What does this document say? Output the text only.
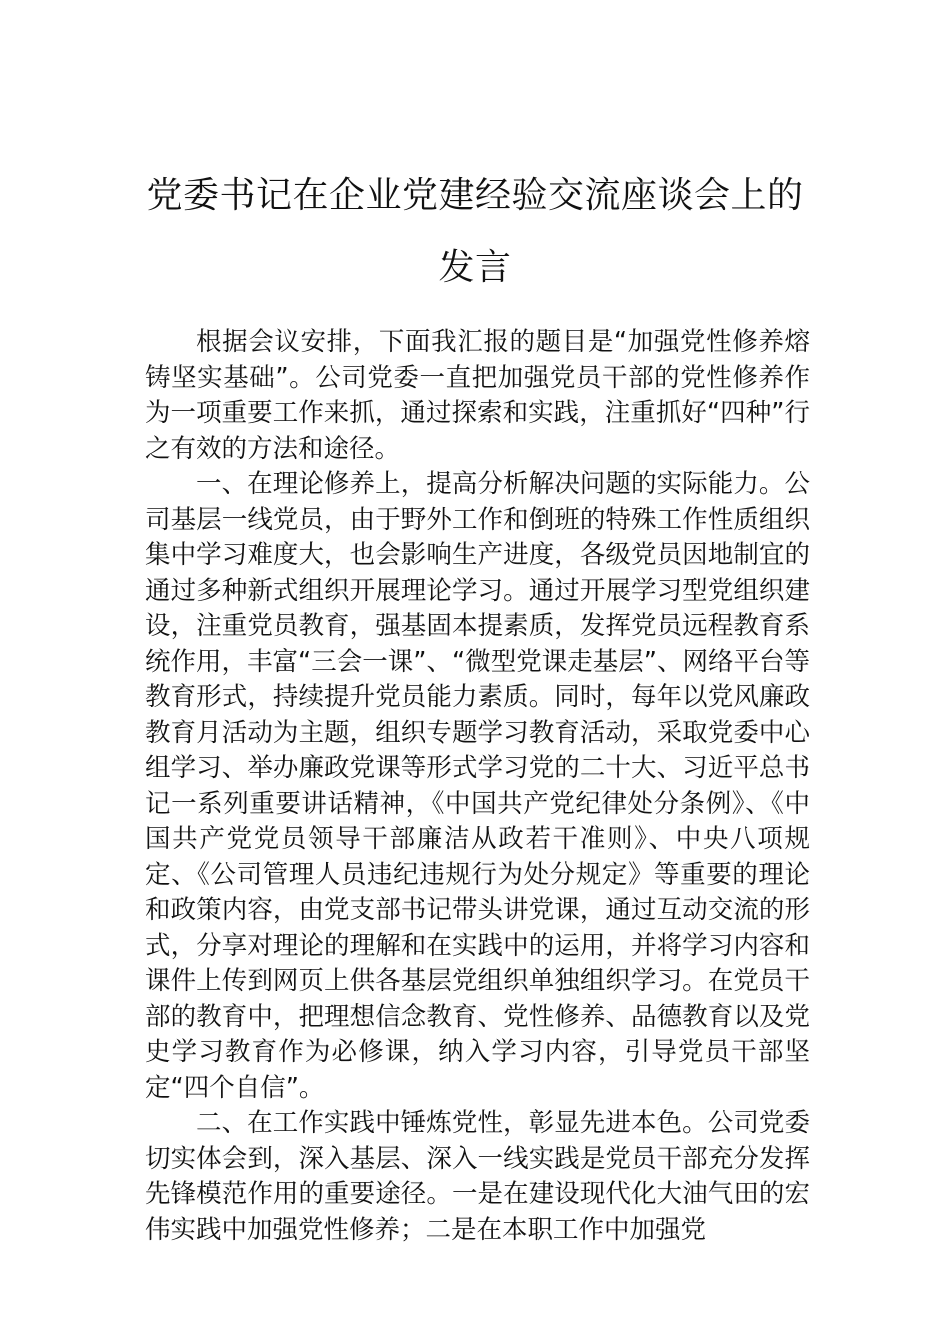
党委书记在企业党建经验交流座谈会上的
发言

根据会议安排，下面我汇报的题目是“加强党性修养熔铸坚实基础”。公司党委一直把加强党员干部的党性修养作为一项重要工作来抓，通过探索和实践，注重抓好“四种”行之有效的方法和途径。

一、在理论修养上，提高分析解决问题的实际能力。公司基层一线党员，由于野外工作和倒班的特殊工作性质组织集中学习难度大，也会影响生产进度，各级党员因地制宜的通过多种新式组织开展理论学习。通过开展学习型党组织建设，注重党员教育，强基固本提素质，发挥党员远程教育系统作用，丰富“三会一课”、“微型党课走基层”、网络平台等教育形式，持续提升党员能力素质。同时，每年以党风廉政教育月活动为主题，组织专题学习教育活动，采取党委中心组学习、举办廉政党课等形式学习党的二十大、习近平总书记一系列重要讲话精神，《中国共产党纪律处分条例》、《中国共产党党员领导干部廉洁从政若干准则》、中央八项规定、《公司管理人员违纪违规行为处分规定》等重要的理论和政策内容，由党支部书记带头讲党课，通过互动交流的形式，分享对理论的理解和在实践中的运用，并将学习内容和课件上传到网页上供各基层党组织单独组织学习。在党员干部的教育中，把理想信念教育、党性修养、品德教育以及党史学习教育作为必修课，纳入学习内容，引导党员干部坚定“四个自信”。

二、在工作实践中锤炼党性，彰显先进本色。公司党委切实体会到，深入基层、深入一线实践是党员干部充分发挥先锋模范作用的重要途径。一是在建设现代化大油气田的宏伟实践中加强党性修养；二是在本职工作中加强党
